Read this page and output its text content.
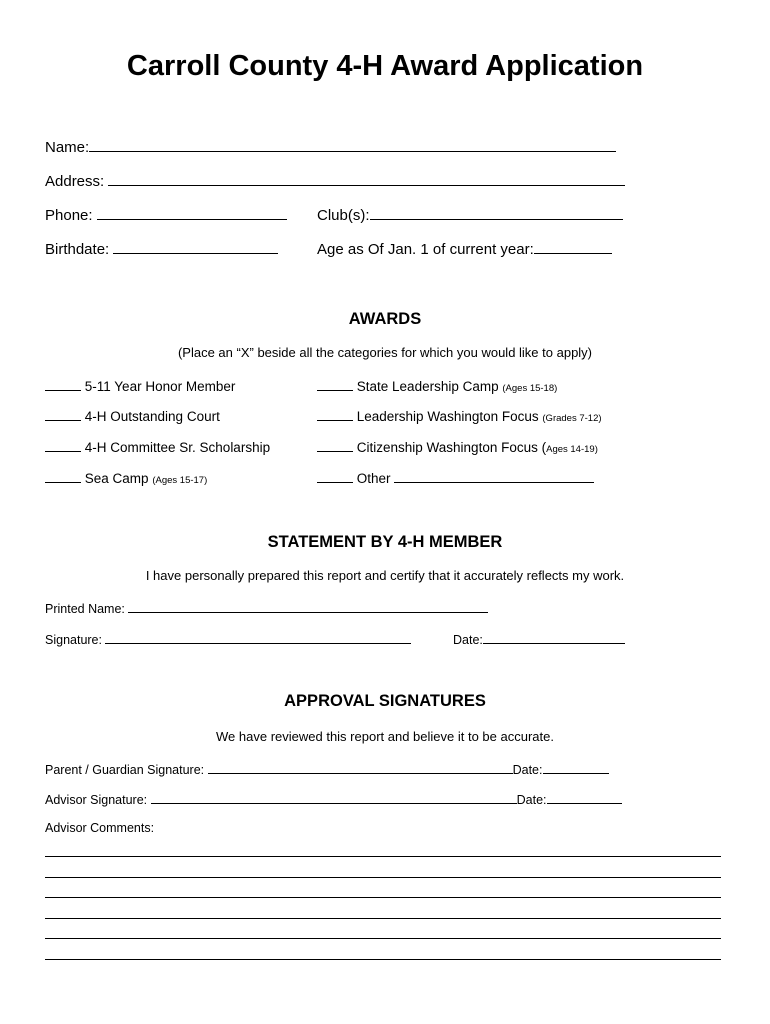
Carroll County 4-H Award Application
Name:
Address:
Phone:	Club(s):
Birthdate:	Age as Of Jan. 1 of current year:
AWARDS
(Place an “X” beside all the categories for which you would like to apply)
5-11 Year Honor Member
4-H Outstanding Court
4-H Committee Sr. Scholarship
Sea Camp (Ages 15-17)
State Leadership Camp (Ages 15-18)
Leadership Washington Focus (Grades 7-12)
Citizenship Washington Focus (Ages 14-19)
Other
STATEMENT BY 4-H MEMBER
I have personally prepared this report and certify that it accurately reflects my work.
Printed Name:
Signature:	Date:
APPROVAL SIGNATURES
We have reviewed this report and believe it to be accurate.
Parent / Guardian Signature:	Date:
Advisor Signature:	Date:
Advisor Comments:
